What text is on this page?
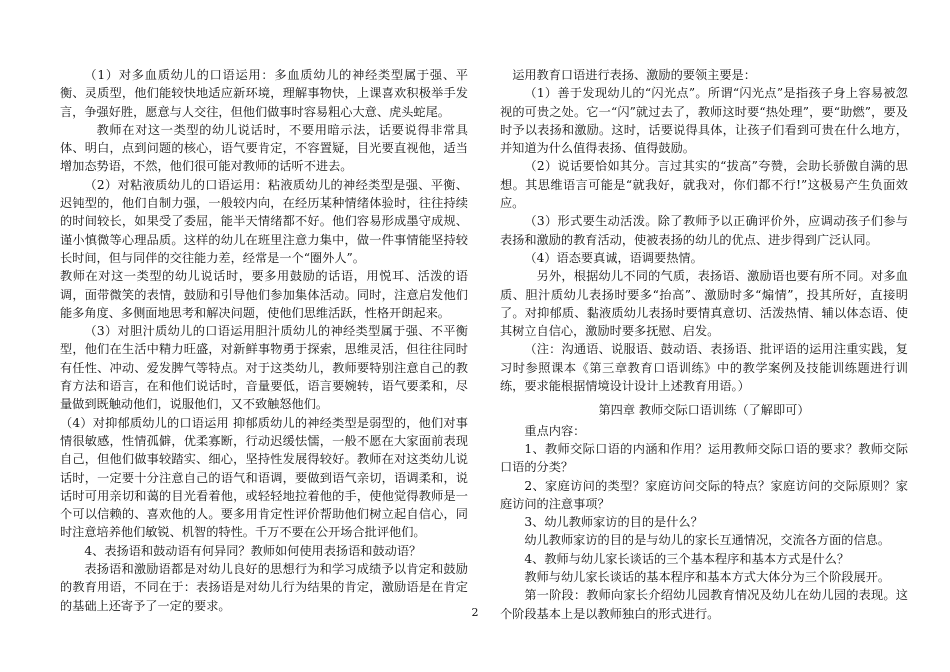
（1）对多血质幼儿的口语运用：多血质幼儿的神经类型属于强、平衡、灵质型，他们能较快地适应新环境，理解事物快，上课喜欢积极举手发言，争强好胜，愿意与人交往，但他们做事时容易粗心大意、虎头蛇尾。

教师在对这一类型的幼儿说话时，不要用暗示法，话要说得非常具体、明白，点到问题的核心，语气要肯定，不容置疑，目光要直视他，适当增加态势语，不然，他们很可能对教师的话听不进去。

（2）对粘液质幼儿的口语运用：粘液质幼儿的神经类型是强、平衡、迟钝型的，他们自制力强，一般较内向，在经历某种情绪体验时，往往持续的时间较长，如果受了委屈，能半天情绪都不好。他们容易形成墨守成规、谨小慎微等心理品质。这样的幼儿在班里注意力集中，做一件事情能坚持较长时间，但与同伴的交往能力差，经常是一个“圈外人”。

教师在对这一类型的幼儿说话时，要多用鼓励的话语，用悦耳、活泼的语调，面带微笑的表情，鼓励和引导他们参加集体活动。同时，注意启发他们能多角度、多侧面地思考和解决问题，使他们思维活跃，性格开朗起来。

（3）对胆汁质幼儿的口语运用胆汁质幼儿的神经类型属于强、不平衡型，他们在生活中精力旺盛，对新鲜事物勇于探索，思维灵活，但往往同时有任性、冲动、爱发脾气等特点。对于这类幼儿，教师要特别注意自己的教育方法和语言，在和他们说话时，音量要低，语言要婉转，语气要柔和，尽量做到既触动他们，说服他们，又不致触怒他们。

（4）对抑郁质幼儿的口语运用 抑郁质幼儿的神经类型是弱型的，他们对事情很敏感，性情孤僻，优柔寡断，行动迟缓怯懦，一般不愿在大家面前表现自己，但他们做事较踏实、细心，坚持性发展得较好。教师在对这类幼儿说话时，一定要十分注意自己的语气和语调，要做到语气亲切，语调柔和，说话时可用亲切和蔼的目光看着他，或轻轻地拉着他的手，使他觉得教师是一个可以信赖的、喜欢他的人。要多用肯定性评价帮助他们树立起自信心，同时注意培养他们敏锐、机智的特性。千万不要在公开场合批评他们。

4、表扬语和鼓动语有何异同？教师如何使用表扬语和鼓动语？

表扬语和激励语都是对幼儿良好的思想行为和学习成绩予以肯定和鼓励的教育用语，不同在于：表扬语是对幼儿行为结果的肯定，激励语是在肯定的基础上还寄予了一定的要求。

运用教育口语进行表扬、激励的要领主要是：

（1）善于发现幼儿的“闪光点”。所谓“闪光点”是指孩子身上容易被忽视的可贵之处。它一“闪”就过去了，教师这时要“热处理”，要“助燃”，要及时予以表扬和激励。这时，话要说得具体，让孩子们看到可贵在什么地方，并知道为什么值得表扬、值得鼓励。

（2）说话要恰如其分。言过其实的“拔高”夸赞，会助长骄傲自满的思想。其思维语言可能是“就我好，就我对，你们都不行!”这极易产生负面效应。

（3）形式要生动活泼。除了教师予以正确评价外，应调动孩子们参与表扬和激励的教育活动，使被表扬的幼儿的优点、进步得到广泛认同。

（4）语态要真诚，语调要热情。

另外，根据幼儿不同的气质，表扬语、激励语也要有所不同。对多血质、胆汁质幼儿表扬时要多“抬高”、激励时多“煽情”，投其所好，直接明了。对抑郁质、黏液质幼儿表扬时要情真意切、活泼热情、辅以体态语、使其树立自信心，激励时要多抚慰、启发。

（注：沟通语、说服语、鼓动语、表扬语、批评语的运用注重实践，复习时参照课本《第三章教育口语训练》中的教学案例及技能训练题进行训练，要求能根据情境设计设计上述教育用语。）

第四章 教师交际口语训练（了解即可）

重点内容：

1、教师交际口语的内涵和作用？运用教师交际口语的要求？教师交际口语的分类？

2、家庭访问的类型？家庭访问交际的特点？家庭访问的交际原则？家庭访问的注意事项？

3、幼儿教师家访的目的是什么？

幼儿教师家访的目的是与幼儿的家长互通情况，交流各方面的信息。

4、教师与幼儿家长谈话的三个基本程序和基本方式是什么？

教师与幼儿家长谈话的基本程序和基本方式大体分为三个阶段展开。

第一阶段：教师向家长介绍幼儿园教育情况及幼儿在幼儿园的表现。这个阶段基本上是以教师独白的形式进行。

2
